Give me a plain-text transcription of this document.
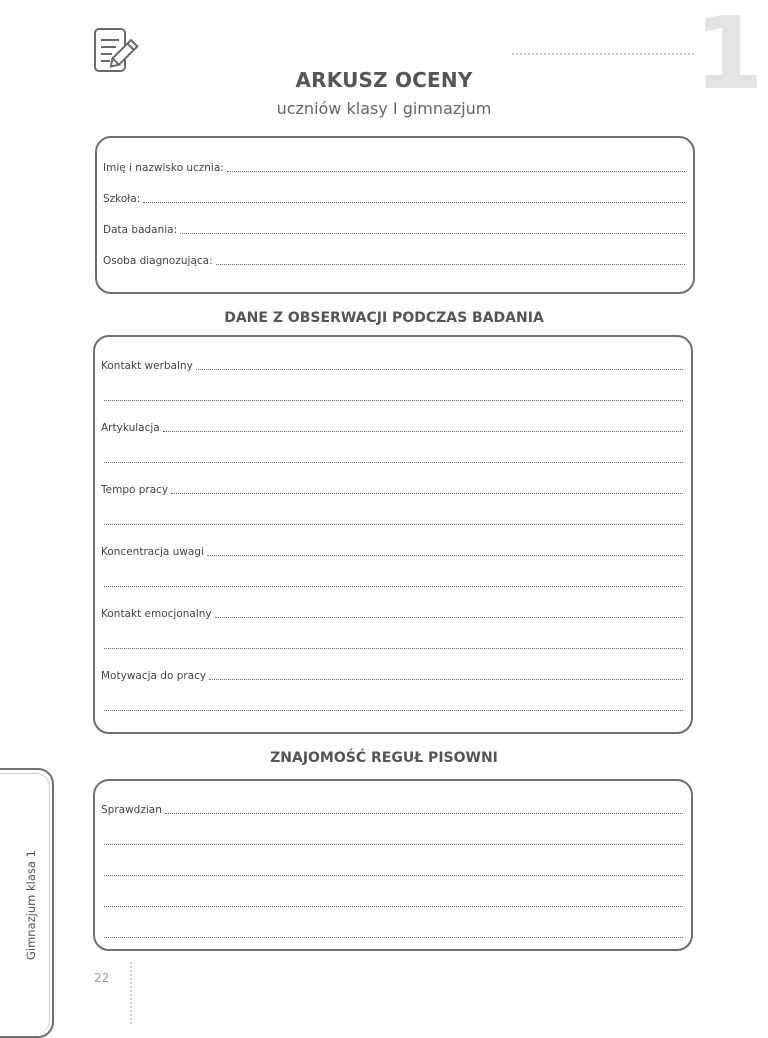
1
ARKUSZ OCENY
uczniów klasy I gimnazjum
Imię i nazwisko ucznia:
Szkoła:
Data badania:
Osoba diagnozująca:
DANE Z OBSERWACJI PODCZAS BADANIA
Kontakt werbalny
Artykulacja
Tempo pracy
Koncentracja uwagi
Kontakt emocjonalny
Motywacja do pracy
ZNAJOMOŚĆ REGUŁ PISOWNI
Sprawdzian
Gimnazjum klasa 1
22
